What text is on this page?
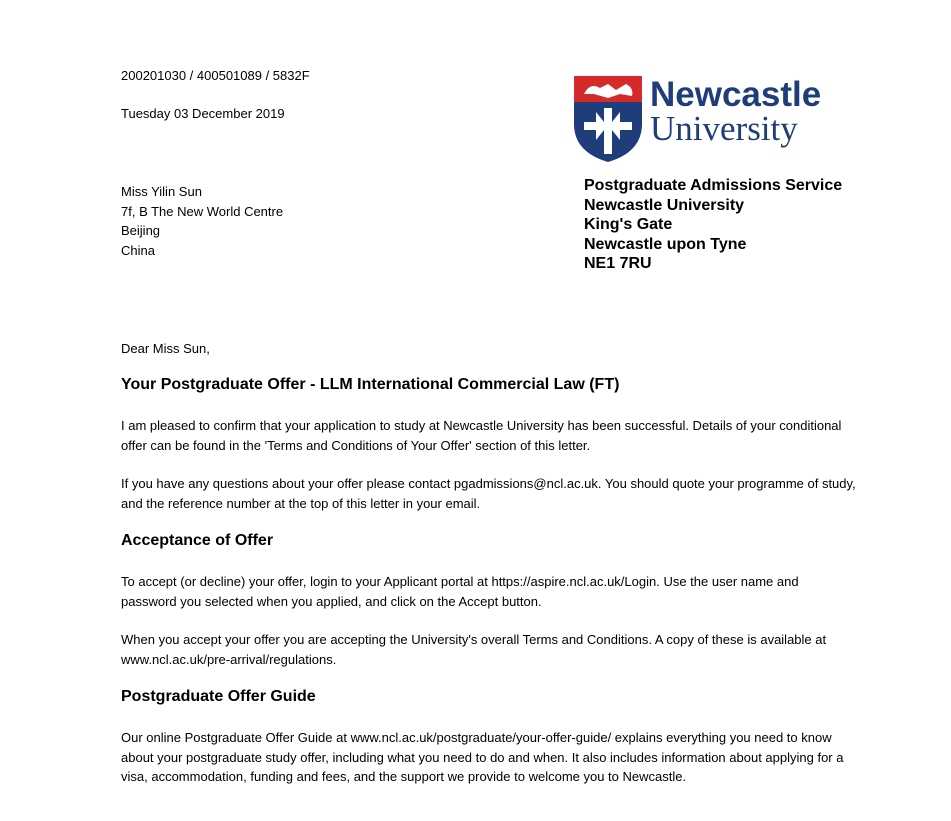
200201030 / 400501089 / 5832F
Tuesday 03 December 2019
Miss Yilin Sun
7f, B The New World Centre
Beijing
China
Newcastle
University
Postgraduate Admissions Service
Newcastle University
King's Gate
Newcastle upon Tyne
NE1 7RU
Dear Miss Sun,
Your Postgraduate Offer - LLM International Commercial Law (FT)
I am pleased to confirm that your application to study at Newcastle University has been successful. Details of your conditional
offer can be found in the 'Terms and Conditions of Your Offer' section of this letter.
If you have any questions about your offer please contact pgadmissions@ncl.ac.uk. You should quote your programme of study,
and the reference number at the top of this letter in your email.
Acceptance of Offer
To accept (or decline) your offer, login to your Applicant portal at https://aspire.ncl.ac.uk/Login. Use the user name and
password you selected when you applied, and click on the Accept button.
When you accept your offer you are accepting the University's overall Terms and Conditions. A copy of these is available at
www.ncl.ac.uk/pre-arrival/regulations.
Postgraduate Offer Guide
Our online Postgraduate Offer Guide at www.ncl.ac.uk/postgraduate/your-offer-guide/ explains everything you need to know
about your postgraduate study offer, including what you need to do and when. It also includes information about applying for a
visa, accommodation, funding and fees, and the support we provide to welcome you to Newcastle.
